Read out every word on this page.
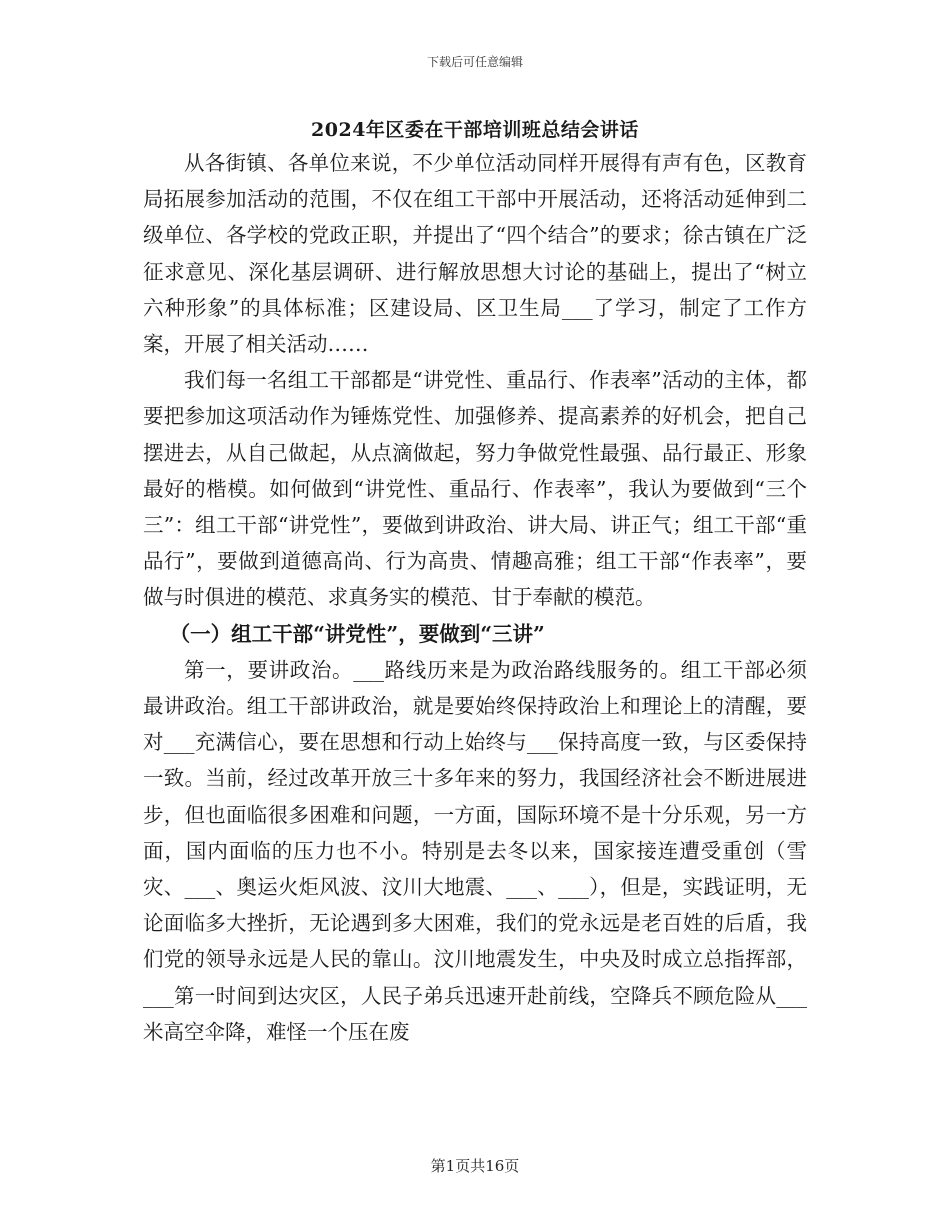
下载后可任意编辑
2024年区委在干部培训班总结会讲话

从各街镇、各单位来说，不少单位活动同样开展得有声有色，区教育局拓展参加活动的范围，不仅在组工干部中开展活动，还将活动延伸到二级单位、各学校的党政正职，并提出了“四个结合”的要求；徐古镇在广泛征求意见、深化基层调研、进行解放思想大讨论的基础上，提出了“树立六种形象”的具体标准；区建设局、区卫生局___了学习，制定了工作方案，开展了相关活动……

我们每一名组工干部都是“讲党性、重品行、作表率”活动的主体，都要把参加这项活动作为锤炼党性、加强修养、提高素养的好机会，把自己摆进去，从自己做起，从点滴做起，努力争做党性最强、品行最正、形象最好的楷模。如何做到“讲党性、重品行、作表率”，我认为要做到“三个三”：组工干部“讲党性”，要做到讲政治、讲大局、讲正气；组工干部“重品行”，要做到道德高尚、行为高贵、情趣高雅；组工干部“作表率”，要做与时俱进的模范、求真务实的模范、甘于奉献的模范。

（一）组工干部“讲党性”，要做到“三讲”

第一，要讲政治。___路线历来是为政治路线服务的。组工干部必须最讲政治。组工干部讲政治，就是要始终保持政治上和理论上的清醒，要对___充满信心，要在思想和行动上始终与___保持高度一致，与区委保持一致。当前，经过改革开放三十多年来的努力，我国经济社会不断进展进步，但也面临很多困难和问题，一方面，国际环境不是十分乐观，另一方面，国内面临的压力也不小。特别是去冬以来，国家接连遭受重创（雪灾、___、奥运火炬风波、汶川大地震、___、___），但是，实践证明，无论面临多大挫折，无论遇到多大困难，我们的党永远是老百姓的后盾，我们党的领导永远是人民的靠山。汶川地震发生，中央及时成立总指挥部，___第一时间到达灾区，人民子弟兵迅速开赴前线，空降兵不顾危险从___米高空伞降，难怪一个压在废

第1页共16页
